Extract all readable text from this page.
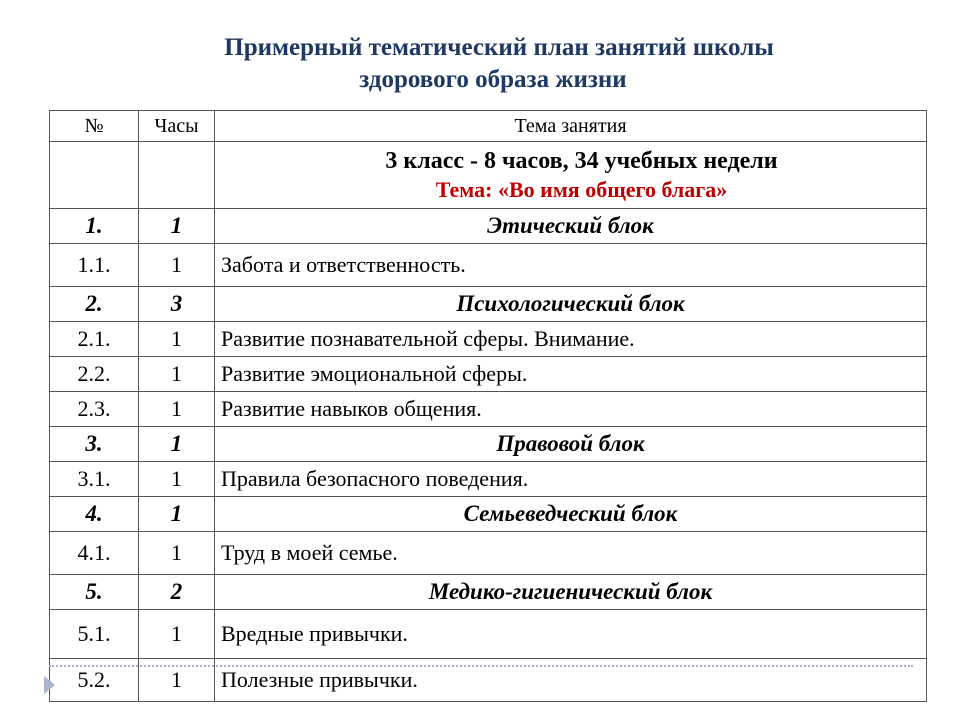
Примерный тематический план занятий школы
здорового образа жизни
№	Часы	Тема занятия

		3 класс - 8 часов, 34 учебных недели
Тема: «Во имя общего блага»

1.	1	Этический блок
1.1.	1	Забота и ответственность.
2.	3	Психологический блок
2.1.	1	Развитие познавательной сферы. Внимание.
2.2.	1	Развитие эмоциональной сферы.
2.3.	1	Развитие навыков общения.
3.	1	Правовой блок
3.1.	1	Правила безопасного поведения.
4.	1	Семьеведческий блок
4.1.	1	Труд в моей семье.
5.	2	Медико-гигиенический блок
5.1.	1	Вредные привычки.
5.2.	1	Полезные привычки.
